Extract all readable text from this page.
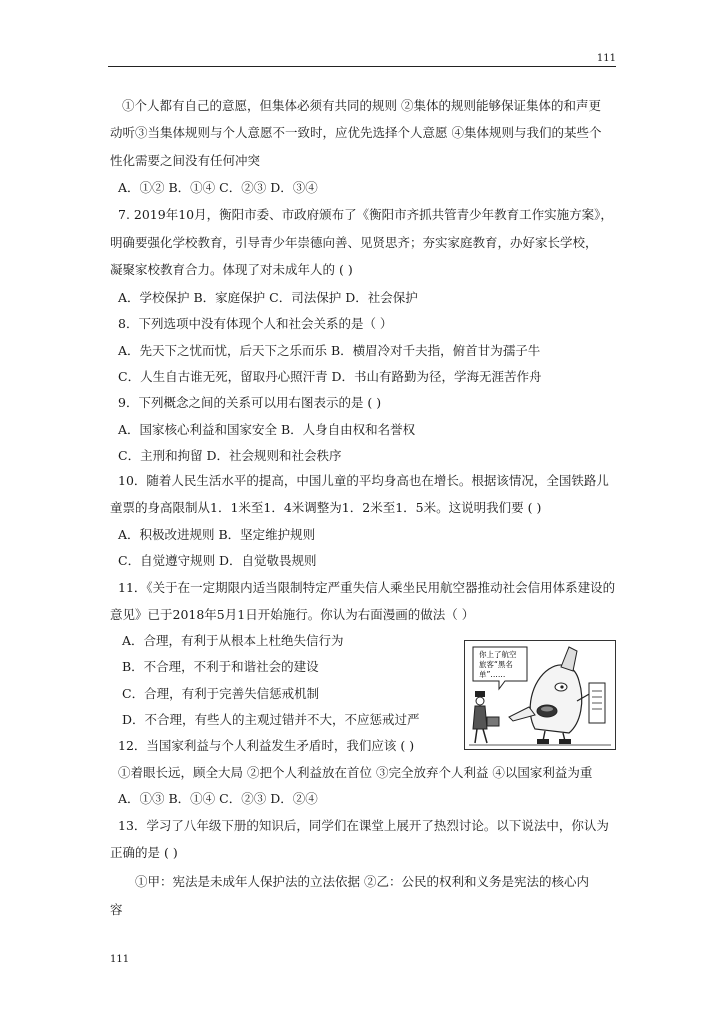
111
①个人都有自己的意愿，但集体必须有共同的规则 ②集体的规则能够保证集体的和声更
动听③当集体规则与个人意愿不一致时，应优先选择个人意愿 ④集体规则与我们的某些个
性化需要之间没有任何冲突
A．①② B．①④ C．②③ D．③④
7. 2019年10月，衡阳市委、市政府颁布了《衡阳市齐抓共管青少年教育工作实施方案》，
明确要强化学校教育，引导青少年崇德向善、见贤思齐；夯实家庭教育，办好家长学校，
凝聚家校教育合力。体现了对未成年人的 ( )
A．学校保护 B．家庭保护 C．司法保护 D．社会保护
8．下列选项中没有体现个人和社会关系的是（ ）
A．先天下之忧而忧，后天下之乐而乐 B．横眉冷对千夫指，俯首甘为孺子牛
C．人生自古谁无死，留取丹心照汗青 D．书山有路勤为径，学海无涯苦作舟
9．下列概念之间的关系可以用右图表示的是 ( )
A．国家核心利益和国家安全 B．人身自由权和名誉权
C．主刑和拘留 D．社会规则和社会秩序
10．随着人民生活水平的提高，中国儿童的平均身高也在增长。根据该情况，全国铁路儿
童票的身高限制从1．1米至1．4米调整为1．2米至1．5米。这说明我们要 ( )
A．积极改进规则 B．坚定维护规则
C．自觉遵守规则 D．自觉敬畏规则
11．《关于在一定期限内适当限制特定严重失信人乘坐民用航空器推动社会信用体系建设的
意见》已于2018年5月1日开始施行。你认为右面漫画的做法（ ）
A．合理，有利于从根本上杜绝失信行为
B．不合理，不利于和谐社会的建设
C．合理，有利于完善失信惩戒机制
D．不合理，有些人的主观过错并不大，不应惩戒过严
你上了航空
旅客“黑名
单”……
12．当国家利益与个人利益发生矛盾时，我们应该 ( )
①着眼长远，顾全大局 ②把个人利益放在首位 ③完全放弃个人利益 ④以国家利益为重
A．①③ B．①④ C．②③ D．②④
13．学习了八年级下册的知识后，同学们在课堂上展开了热烈讨论。以下说法中，你认为
正确的是 ( )
①甲：宪法是未成年人保护法的立法依据 ②乙：公民的权利和义务是宪法的核心内
容
111
